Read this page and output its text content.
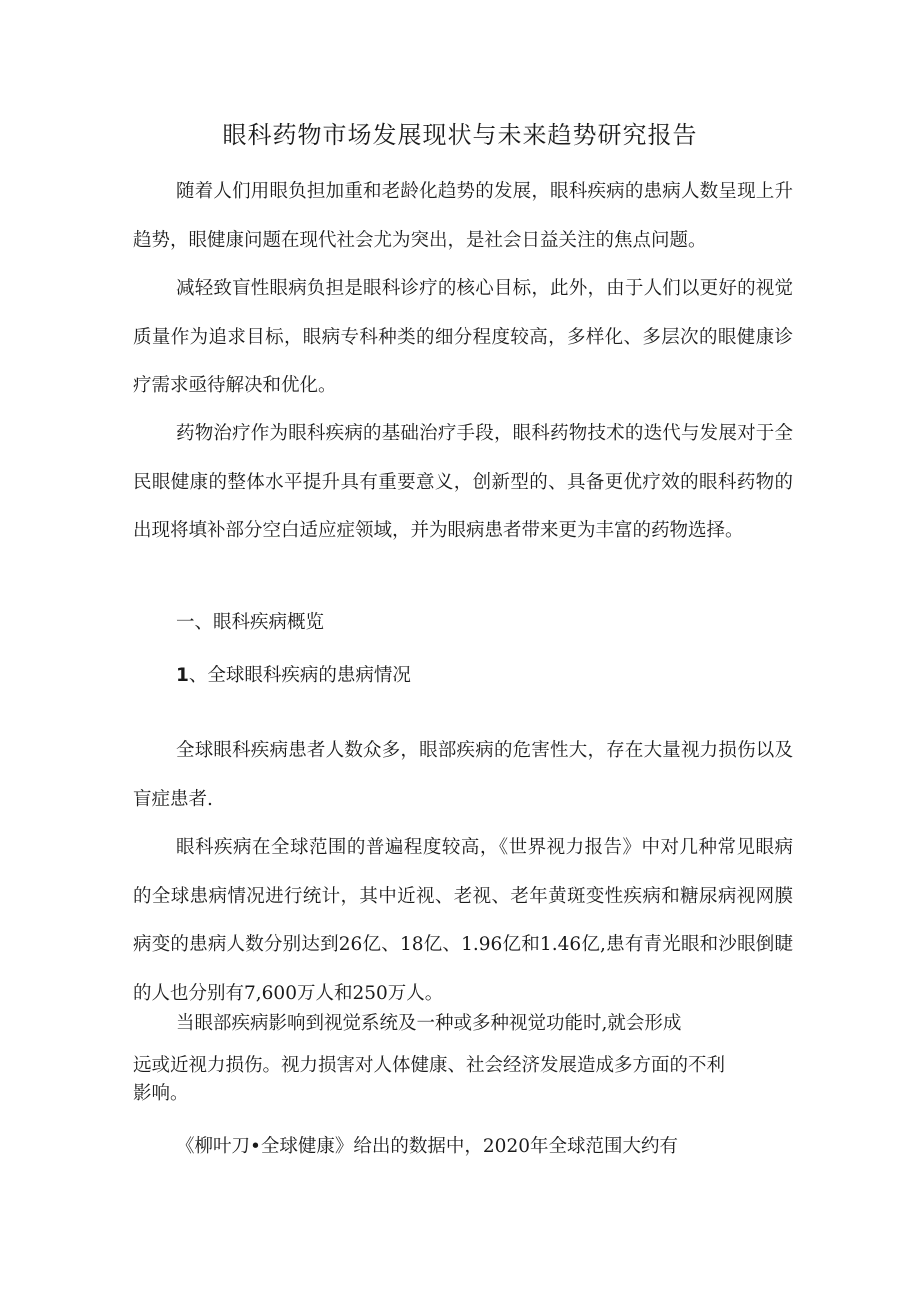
眼科药物市场发展现状与未来趋势研究报告

随着人们用眼负担加重和老龄化趋势的发展，眼科疾病的患病人数呈现上升趋势，眼健康问题在现代社会尤为突出，是社会日益关注的焦点问题。

减轻致盲性眼病负担是眼科诊疗的核心目标，此外，由于人们以更好的视觉质量作为追求目标，眼病专科种类的细分程度较高，多样化、多层次的眼健康诊疗需求亟待解决和优化。

药物治疗作为眼科疾病的基础治疗手段，眼科药物技术的迭代与发展对于全民眼健康的整体水平提升具有重要意义，创新型的、具备更优疗效的眼科药物的出现将填补部分空白适应症领域，并为眼病患者带来更为丰富的药物选择。

一、眼科疾病概览

1、全球眼科疾病的患病情况

全球眼科疾病患者人数众多，眼部疾病的危害性大，存在大量视力损伤以及盲症患者.

眼科疾病在全球范围的普遍程度较高，《世界视力报告》中对几种常见眼病的全球患病情况进行统计，其中近视、老视、老年黄斑变性疾病和糖尿病视网膜病变的患病人数分别达到26亿、18亿、1.96亿和1.46亿,患有青光眼和沙眼倒睫的人也分别有7,600万人和250万人。

当眼部疾病影响到视觉系统及一种或多种视觉功能时,就会形成

远或近视力损伤。视力损害对人体健康、社会经济发展造成多方面的不利

影响。

《柳叶刀•全球健康》给出的数据中，2020年全球范围大约有
